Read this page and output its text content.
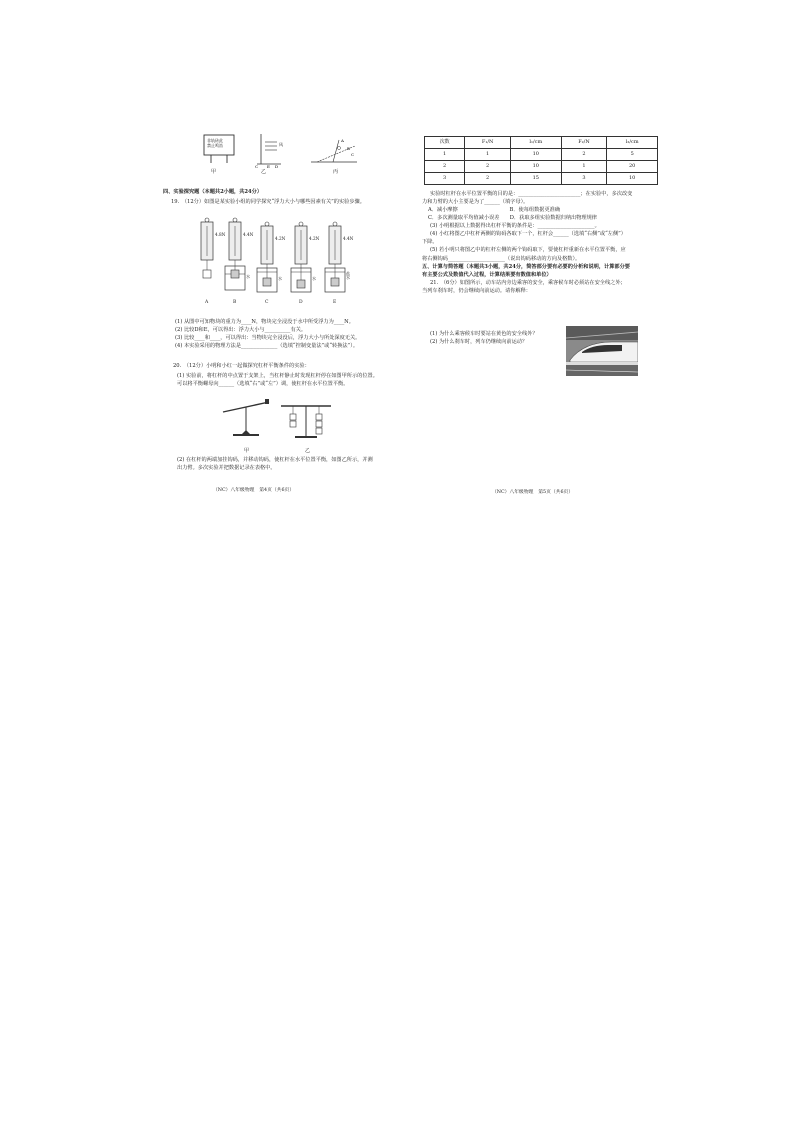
非轨砖此
禁止鸣笛
甲
风
C E D
乙
A
B
C
丙
四、实验探究题（本题共2小题，共24分）
19.　（12分）如图是某实验小组的同学探究“浮力大小与哪些因素有关”的实验步骤。
4.8N	4.4N
4.2N	4.2N	4.4N
水	水	水
盐水
A	B	C	D	E
(1) 从图中可知物块的重力为____N，物块完全浸没于水中所受浮力为____N。
(2) 比较D和E，可以得出：浮力大小与__________有关。
(3) 比较____和____，可以得出：当物块完全浸没后，浮力大小与所处深度无关。
(4) 本实验采用的物理方法是______________（选填“控制变量法”或“转换法”）。
20.　（12分）小明和小红一起做探究杠杆平衡条件的实验：
(1) 实验前，将杠杆的中点置于支架上，当杠杆静止时发现杠杆停在如图甲所示的位置。
可以将平衡螺母向______（选填“右”或“左”）调，使杠杆在水平位置平衡。
甲	乙
(2) 在杠杆的两端加挂钩码，并移动钩码，使杠杆在水平位置平衡，如图乙所示，并测
出力臂。多次实验并把数据记录在表格中。
（NC）八年级物理　第4页（共6页）
次数	F₁/N	l₁/cm	F₂/N	l₂/cm
1	1	10	2	5
2	2	10	1	20
3	2	15	3	10
实验时杠杆在水平位置平衡的目的是：________________________；在实验中，多次改变
力和力臂的大小主要是为了______（填字母）。
A．减小摩擦　　　　　　　　　　B．使每组数据更准确
C．多次测量取平均值减小误差　　D．获取多组实验数据归纳出物理规律
(3) 小明根据以上数据得出杠杆平衡的条件是：______________________。
(4) 小红将图乙中杠杆两侧的钩码各取下一个，杠杆会______（选填“右侧”或“左侧”）
下降。
(5) 若小明只将图乙中的杠杆左侧的两个钩码取下，要使杠杆重新在水平位置平衡，应
将右侧钩码______________________（说出钩码移动的方向及格数）。
五、计算与简答题（本题共3小题，共24分，简答部分要有必要的分析和说明，计算部分要
有主要公式及数值代入过程，计算结果要有数值和单位）
21.　（6分）如图所示，动车站内旁边乘客的安全，乘客候车时必须站在安全线之外；
当列车刹车时，仍会继续向前运动。请你解释：
(1) 为什么乘客候车时要站在黄色的安全线外？
(2) 为什么刹车时，列车仍继续向前运动？
（NC）八年级物理　第5页（共6页）
